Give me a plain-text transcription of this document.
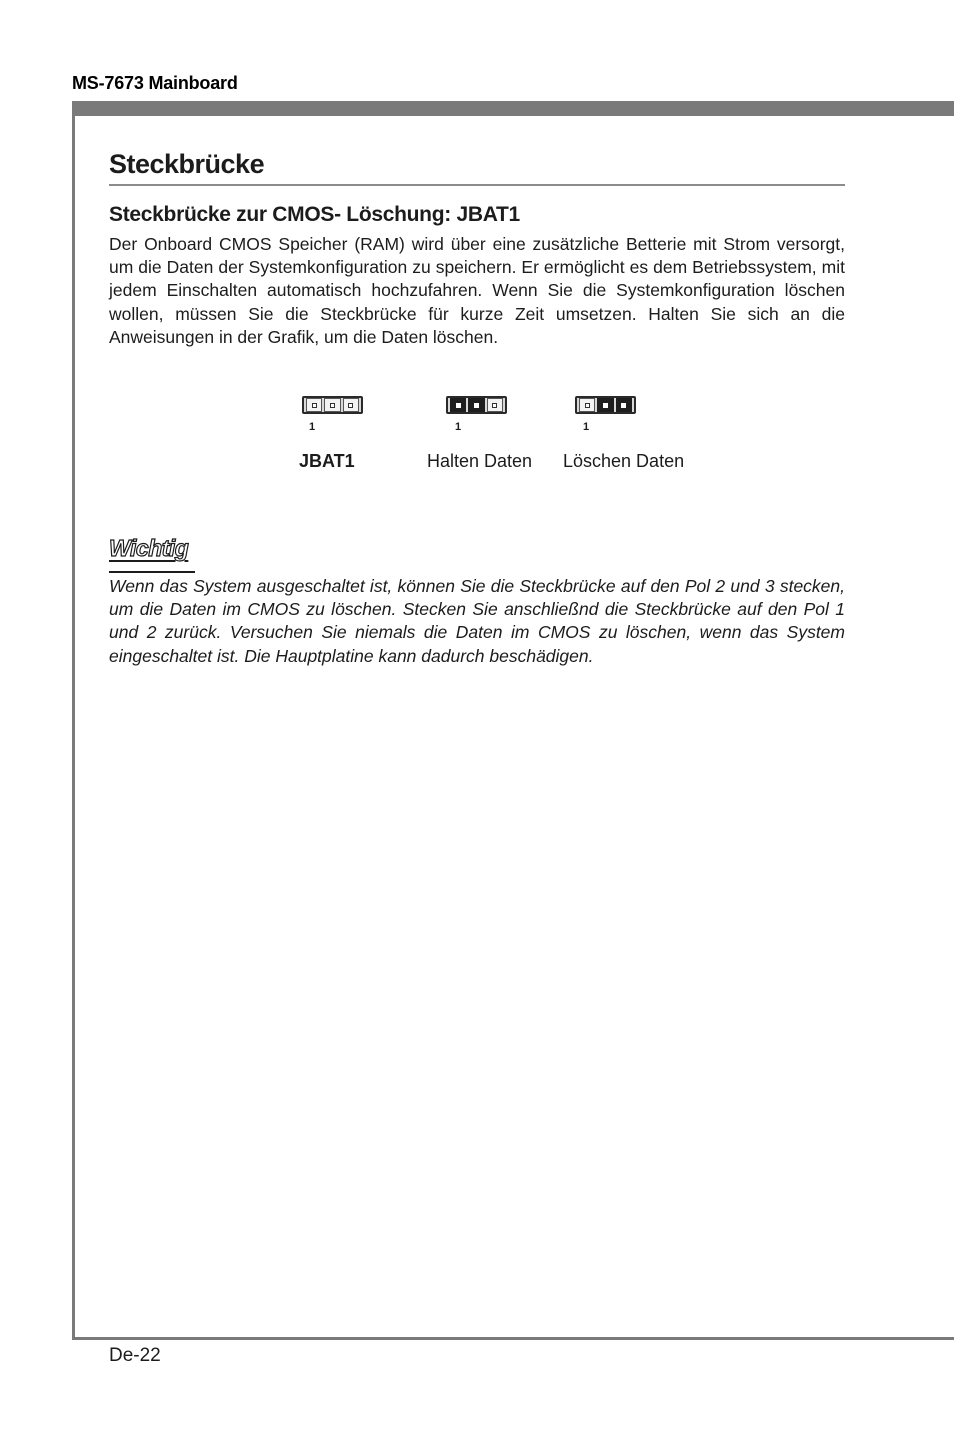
MS-7673 Mainboard
Steckbrücke
Steckbrücke zur CMOS- Löschung: JBAT1

Der Onboard CMOS Speicher (RAM) wird über eine zusätzliche Betterie mit Strom versorgt, um die Daten der Systemkonfiguration zu speichern. Er ermöglicht es dem Betriebssystem, mit jedem Einschalten automatisch hochzufahren. Wenn Sie die Systemkonfiguration löschen wollen, müssen Sie die Steckbrücke für kurze Zeit umsetzen. Halten Sie sich an die Anweisungen in der Grafik, um die Daten löschen.

1
JBAT1
1
Halten Daten
1
Löschen Daten
Wichtig

Wenn das System ausgeschaltet ist, können Sie die Steckbrücke auf den Pol 2 und 3 stecken, um die Daten im CMOS zu löschen. Stecken Sie anschließnd die Steckbrücke auf den Pol 1 und 2 zurück. Versuchen Sie niemals die Daten im CMOS zu löschen, wenn das System eingeschaltet ist. Die Hauptplatine kann dadurch beschädigen.

De-22
